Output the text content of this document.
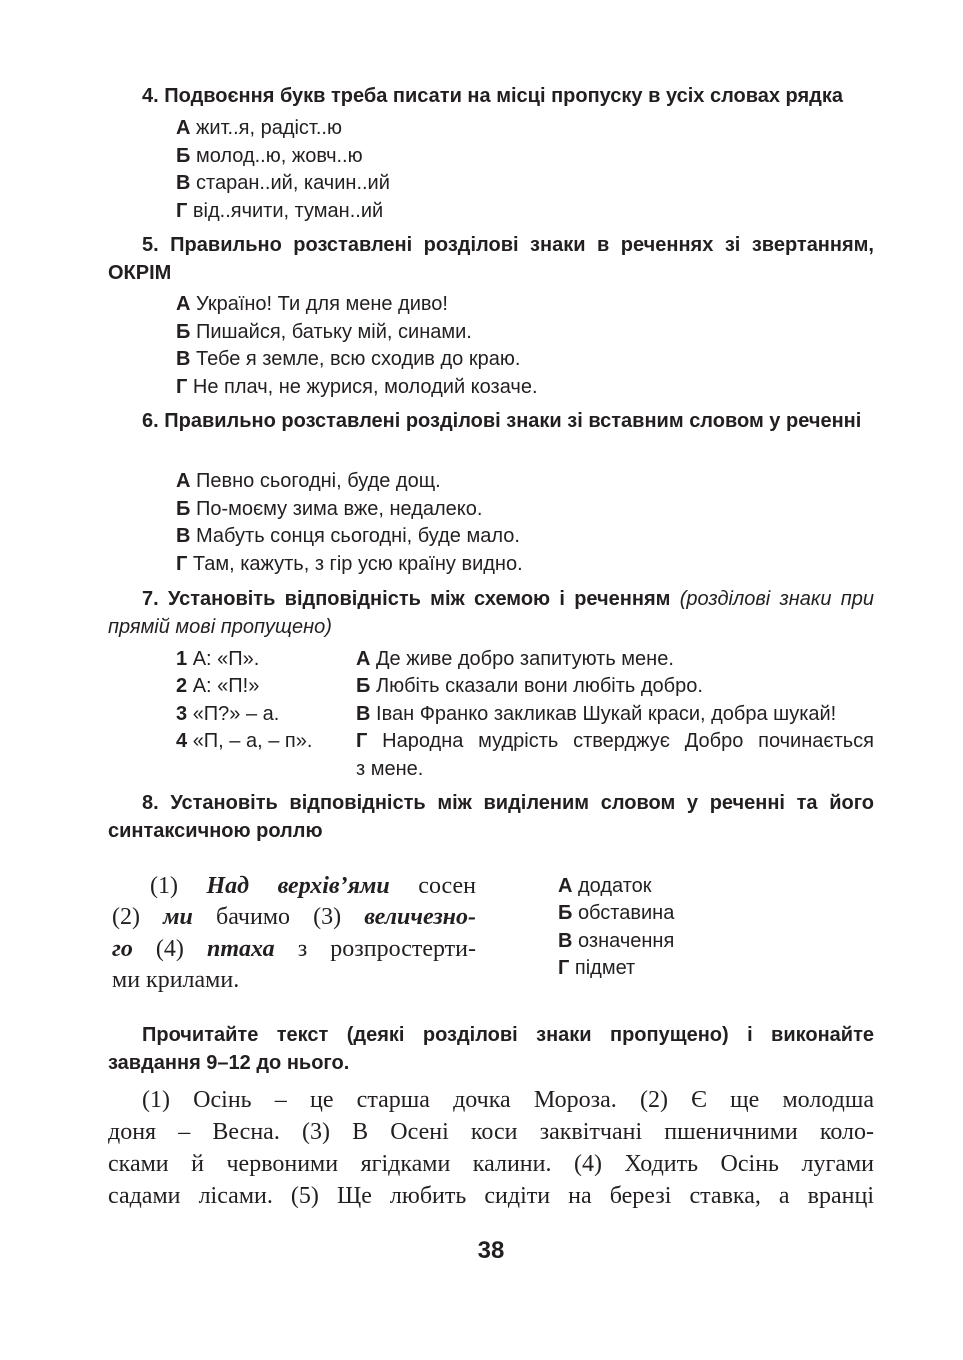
4. Подвоєння букв треба писати на місці пропуску в усіх словах рядка
А жит..я, радіст..ю
Б молод..ю, жовч..ю
В старан..ий, качин..ий
Г від..ячити, туман..ий
5. Правильно розставлені розділові знаки в реченнях зі звертанням, ОКРІМ
А Україно! Ти для мене диво!
Б Пишайся, батьку мій, синами.
В Тебе я земле, всю сходив до краю.
Г Не плач, не журися, молодий козаче.
6. Правильно розставлені розділові знаки зі вставним словом у реченні
А Певно сьогодні, буде дощ.
Б По-моєму зима вже, недалеко.
В Мабуть сонця сьогодні, буде мало.
Г Там, кажуть, з гір усю країну видно.
7. Установіть відповідність між схемою і реченням (розділові знаки при прямій мові пропущено)
1 А: «П».
2 А: «П!»
3 «П?» – а.
4 «П, – а, – п».
А Де живе добро запитують мене.
Б Любіть сказали вони любіть добро.
В Іван Франко закликав Шукай краси, добра шукай!
Г Народна мудрість стверджує Добро починається
з мене.
8. Установіть відповідність між виділеним словом у реченні та його синтаксичною роллю
(1) Над верхів’ями сосен
(2) ми бачимо (3) величезно-
го (4) птаха з розпростерти-
ми крилами.
А додаток
Б обставина
В означення
Г підмет
Прочитайте текст (деякі розділові знаки пропущено) і виконайте завдання 9–12 до нього.
(1) Осінь – це старша дочка Мороза. (2) Є ще молодша
доня – Весна. (3) В Осені коси заквітчані пшеничними коло-
сками й червоними ягідками калини. (4) Ходить Осінь лугами
садами лісами. (5) Ще любить сидіти на березі ставка, а вранці
38
